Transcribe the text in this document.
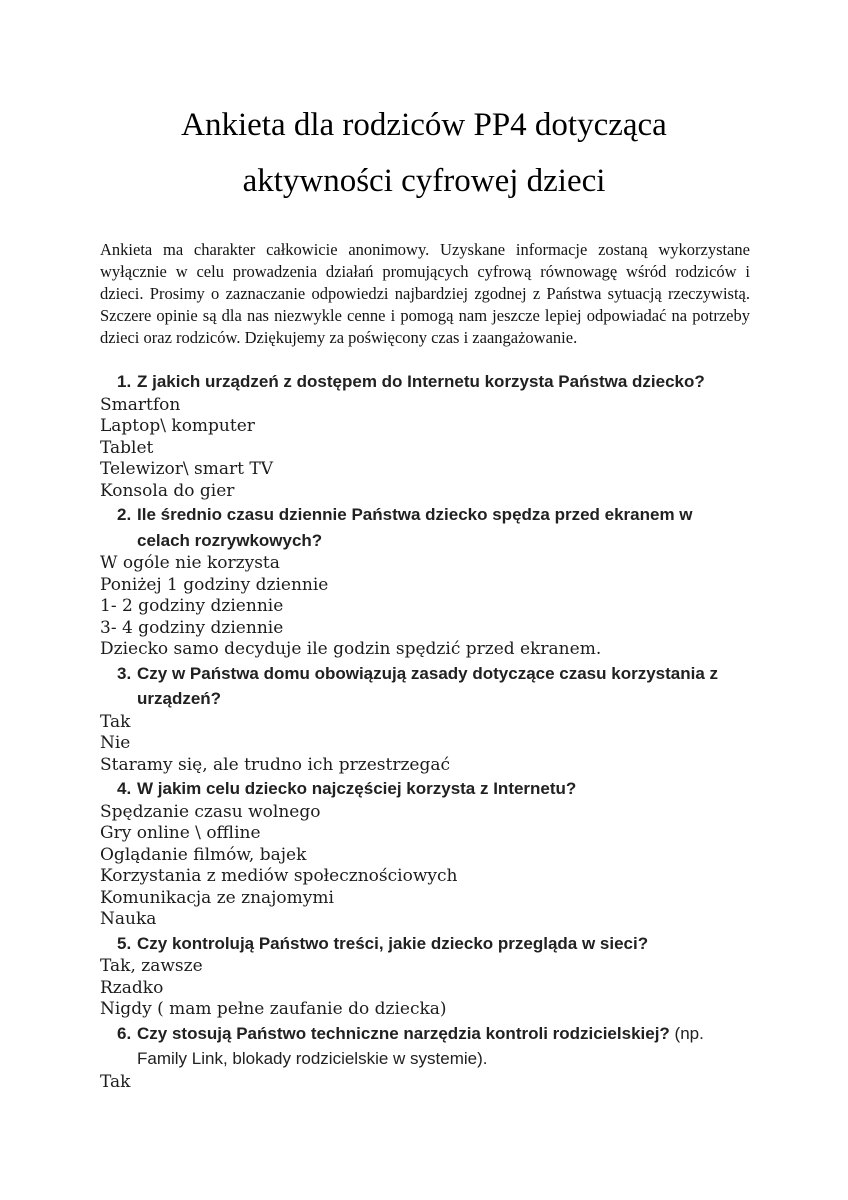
Ankieta dla rodziców PP4 dotycząca
aktywności cyfrowej dzieci

Ankieta ma charakter całkowicie anonimowy. Uzyskane informacje zostaną wykorzystane wyłącznie w celu prowadzenia działań promujących cyfrową równowagę wśród rodziców i dzieci. Prosimy o zaznaczanie odpowiedzi najbardziej zgodnej z Państwa sytuacją rzeczywistą. Szczere opinie są dla nas niezwykle cenne i pomogą nam jeszcze lepiej odpowiadać na potrzeby dzieci oraz rodziców. Dziękujemy za poświęcony czas i zaangażowanie.

1. Z jakich urządzeń z dostępem do Internetu korzysta Państwa dziecko?
Smartfon
Laptop\ komputer
Tablet
Telewizor\ smart TV
Konsola do gier
2. Ile średnio czasu dziennie Państwa dziecko spędza przed ekranem w
celach rozrywkowych?
W ogóle nie korzysta
Poniżej 1 godziny dziennie
1- 2 godziny dziennie
3- 4 godziny dziennie
Dziecko samo decyduje ile godzin spędzić przed ekranem.
3. Czy w Państwa domu obowiązują zasady dotyczące czasu korzystania z
urządzeń?
Tak
Nie
Staramy się, ale trudno ich przestrzegać
4. W jakim celu dziecko najczęściej korzysta z Internetu?
Spędzanie czasu wolnego
Gry online \ offline
Oglądanie filmów, bajek
Korzystania z mediów społecznościowych
Komunikacja ze znajomymi
Nauka
5. Czy kontrolują Państwo treści, jakie dziecko przegląda w sieci?
Tak, zawsze
Rzadko
Nigdy ( mam pełne zaufanie do dziecka)
6. Czy stosują Państwo techniczne narzędzia kontroli rodzicielskiej? (np.
Family Link, blokady rodzicielskie w systemie).
Tak
